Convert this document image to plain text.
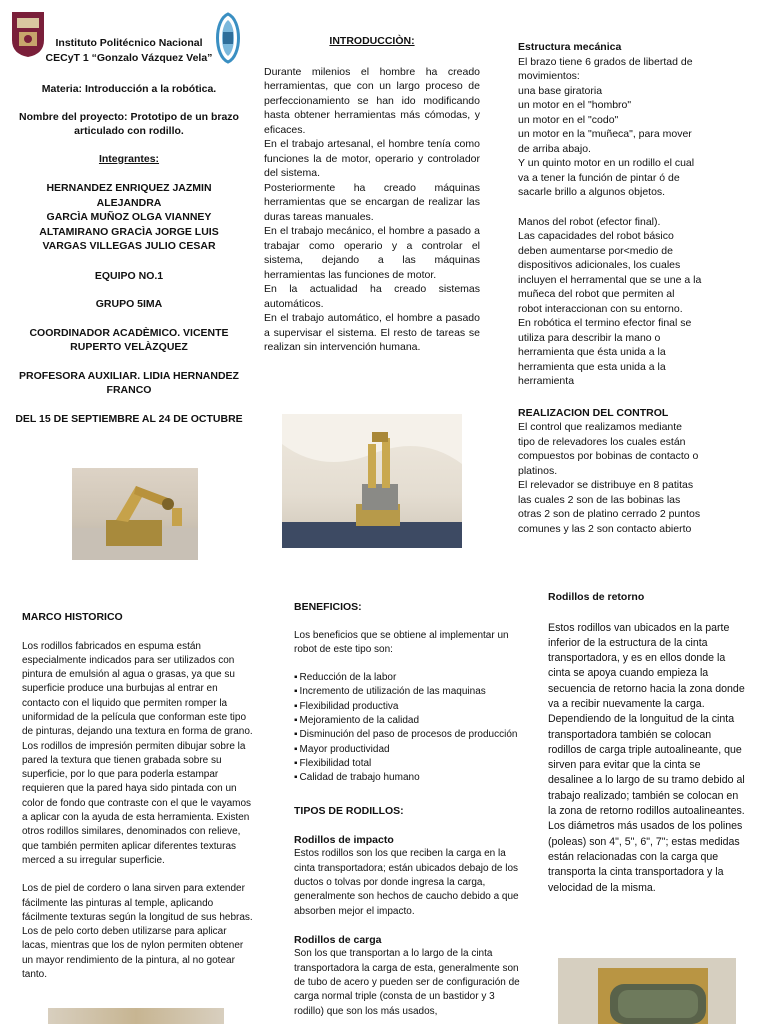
Instituto Politécnico Nacional

CECyT 1 “Gonzalo Vázquez Vela”

Materia: Introducción a la robótica.

Nombre del proyecto: Prototipo de un brazo articulado con rodillo.

Integrantes:

HERNANDEZ ENRIQUEZ JAZMIN

ALEJANDRA

GARCÌA MUÑOZ OLGA VIANNEY

ALTAMIRANO GRACÌA JORGE LUIS

VARGAS VILLEGAS JULIO CESAR

EQUIPO NO.1

GRUPO 5IMA

COORDINADOR ACADÈMICO. VICENTE RUPERTO VELÀZQUEZ

PROFESORA AUXILIAR. LIDIA HERNANDEZ FRANCO

DEL 15 DE SEPTIEMBRE AL 24 DE OCTUBRE

INTRODUCCIÒN:

Durante milenios el hombre ha creado herramientas, que con un largo proceso de perfeccionamiento se han ido modificando hasta obtener herramientas más cómodas, y eficaces.

En el trabajo artesanal, el hombre tenía como funciones la de motor, operario y controlador del sistema.

Posteriormente ha creado máquinas herramientas que se encargan de realizar las duras tareas manuales.

En el trabajo mecánico, el hombre a pasado a trabajar como operario y a controlar el sistema, dejando a las máquinas herramientas las funciones de motor.

En la actualidad ha creado sistemas automáticos.

En el trabajo automático, el hombre a pasado a supervisar el sistema. El resto de tareas se realizan sin intervención humana.

Estructura mecánica

El brazo tiene 6 grados de libertad de

movimientos:

una base giratoria

un motor en el "hombro"

un motor en el "codo"

un motor en la "muñeca", para mover

de arriba abajo.

Y un quinto motor en un rodillo el cual

va a tener la función de pintar ó de

sacarle brillo a algunos objetos.

Manos del robot (efector final).

Las capacidades del robot básico

deben aumentarse por<medio de

dispositivos adicionales, los cuales

incluyen el herramental que se une a la

muñeca del robot que permiten al

robot interaccionan con su entorno.

En robótica el termino efector final se

utiliza para describir la mano o

herramienta que ésta unida a la

herramienta que esta unida a la

herramienta

REALIZACION DEL CONTROL

El control que realizamos mediante

tipo de relevadores los cuales están

compuestos por bobinas de contacto o

platinos.

El relevador se distribuye en 8 patitas

las cuales 2 son de las bobinas las

otras 2 son de platino cerrado 2 puntos

comunes y las 2 son contacto abierto

MARCO HISTORICO

Los rodillos fabricados en espuma están especialmente indicados para ser utilizados con pintura de emulsión al agua o grasas, ya que su superficie produce una burbujas al entrar en contacto con el liquido que permiten romper la uniformidad de la película que conforman este tipo de pinturas, dejando una textura en forma de grano.

Los rodillos de impresión permiten dibujar sobre la pared la textura que tienen grabada sobre su superficie, por lo que para poderla estampar requieren que la pared haya sido pintada con un color de fondo que contraste con el que le vayamos a aplicar con la ayuda de esta herramienta. Existen otros rodillos similares, denominados con relieve, que también permiten aplicar diferentes texturas merced a su irregular superficie.

Los de piel de cordero o lana sirven para extender fácilmente las pinturas al temple, aplicando fácilmente texturas según la longitud de sus hebras. Los de pelo corto deben utilizarse para aplicar lacas, mientras que los de nylon permiten obtener un mayor rendimiento de la pintura, al no gotear tanto.

BENEFICIOS:

Los beneficios que se obtiene al implementar un robot de este tipo son:

▪ Reducción de la labor
▪ Incremento de utilización de las maquinas
▪ Flexibilidad productiva
▪ Mejoramiento de la calidad
▪ Disminución del paso de procesos de producción
▪ Mayor productividad
▪ Flexibilidad total
▪ Calidad de trabajo humano

TIPOS DE RODILLOS:

Rodillos de impacto

Estos rodillos son los que reciben la carga en la cinta transportadora; están ubicados debajo de los ductos o tolvas por donde ingresa la carga, generalmente son hechos de caucho debido a que absorben mejor el impacto.

Rodillos de carga

Son los que transportan a lo largo de la cinta transportadora la carga de esta, generalmente son de tubo de acero y pueden ser de configuración de carga normal triple (consta de un bastidor y 3 rodillo) que son los más usados,

Rodillos de retorno

Estos rodillos van ubicados en la parte inferior de la estructura de la cinta transportadora, y es en ellos donde la cinta se apoya cuando empieza la secuencia de retorno hacia la zona donde va a recibir nuevamente la carga.

Dependiendo de la longuitud de la cinta transportadora también se colocan rodillos de carga triple autoalineante, que sirven para evitar que la cinta se desalinee a lo largo de su tramo debido al trabajo realizado; también se colocan en la zona de retorno rodillos autoalineantes.

Los diámetros más usados de los polines (poleas) son 4", 5", 6", 7"; estas medidas están relacionadas con la carga que transporta la cinta transportadora y la velocidad de la misma.
